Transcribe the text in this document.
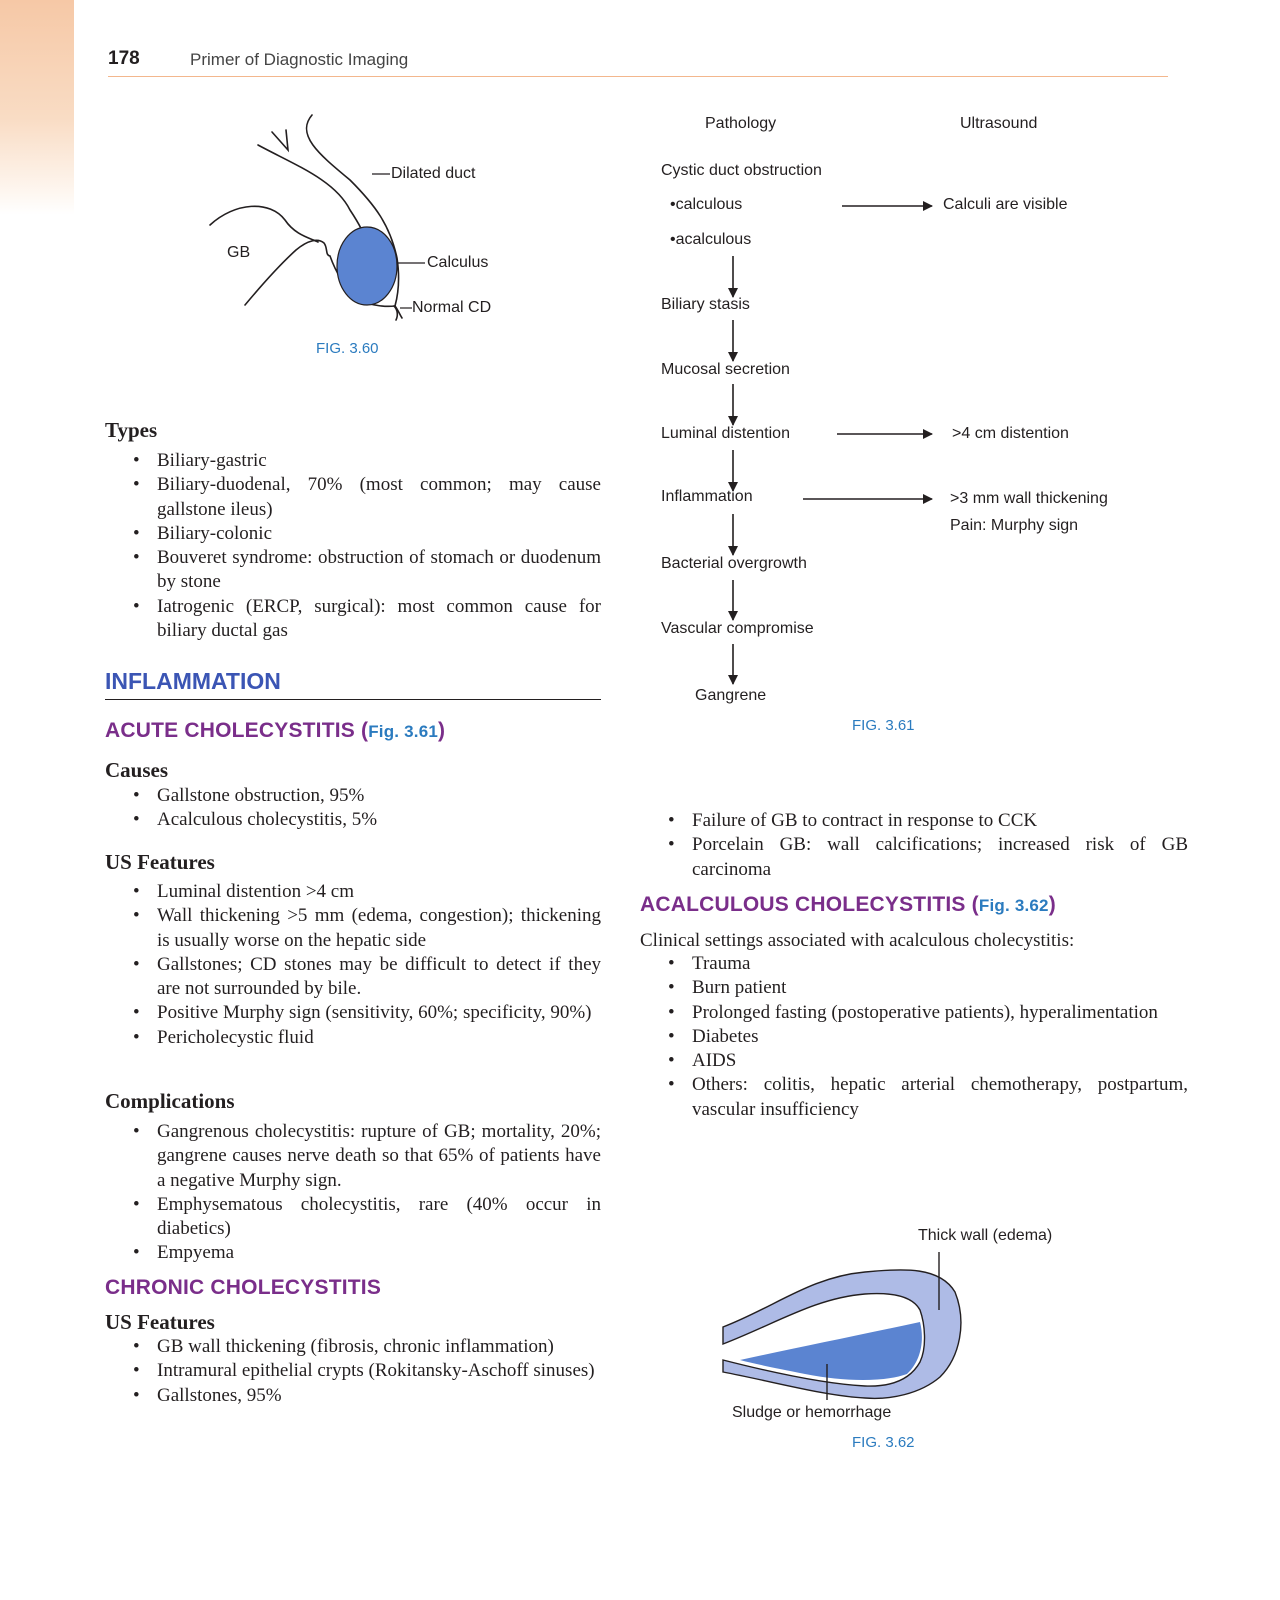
178	Primer of Diagnostic Imaging
Dilated duct
GB
Calculus
Normal CD
FIG. 3.60
Types
• Biliary-gastric
• Biliary-duodenal, 70% (most common; may cause gallstone ileus)
• Biliary-colonic
• Bouveret syndrome: obstruction of stomach or duodenum by stone
• Iatrogenic (ERCP, surgical): most common cause for biliary ductal gas
INFLAMMATION
ACUTE CHOLECYSTITIS (Fig. 3.61)
Causes
• Gallstone obstruction, 95%
• Acalculous cholecystitis, 5%
US Features
• Luminal distention >4 cm
• Wall thickening >5 mm (edema, congestion); thickening is usually worse on the hepatic side
• Gallstones; CD stones may be difficult to detect if they are not surrounded by bile.
• Positive Murphy sign (sensitivity, 60%; specificity, 90%)
• Pericholecystic fluid
Complications
• Gangrenous cholecystitis: rupture of GB; mortality, 20%; gangrene causes nerve death so that 65% of patients have a negative Murphy sign.
• Emphysematous cholecystitis, rare (40% occur in diabetics)
• Empyema
CHRONIC CHOLECYSTITIS
US Features
• GB wall thickening (fibrosis, chronic inflammation)
• Intramural epithelial crypts (Rokitansky-Aschoff sinuses)
• Gallstones, 95%
Pathology	Ultrasound
Cystic duct obstruction
•calculous
•acalculous
Biliary stasis
Mucosal secretion
Luminal distention
Inflammation
Bacterial overgrowth
Vascular compromise
Gangrene
Calculi are visible
>4 cm distention
>3 mm wall thickening
Pain: Murphy sign
FIG. 3.61
• Failure of GB to contract in response to CCK
• Porcelain GB: wall calcifications; increased risk of GB carcinoma
ACALCULOUS CHOLECYSTITIS (Fig. 3.62)
Clinical settings associated with acalculous cholecystitis:
• Trauma
• Burn patient
• Prolonged fasting (postoperative patients), hyperalimentation
• Diabetes
• AIDS
• Others: colitis, hepatic arterial chemotherapy, postpartum, vascular insufficiency
Thick wall (edema)
Sludge or hemorrhage
FIG. 3.62
